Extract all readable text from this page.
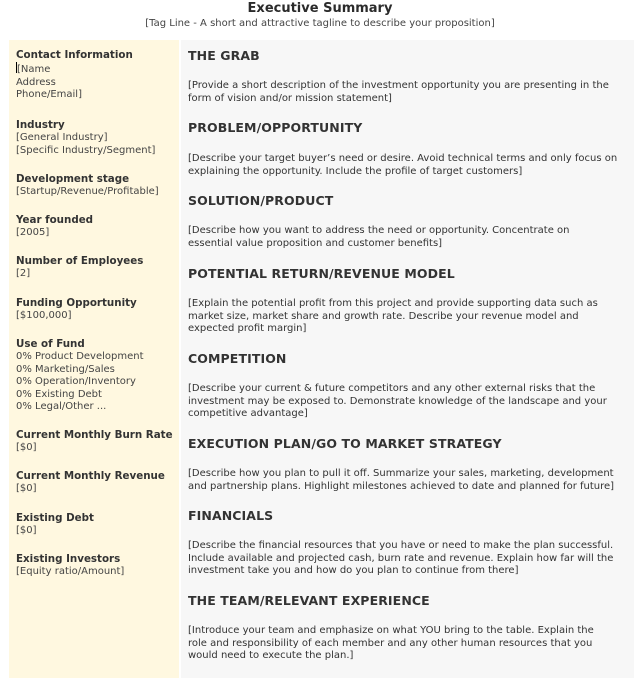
Executive Summary
[Tag Line - A short and attractive tagline to describe your proposition]
Contact Information
[Name
Address
Phone/Email]
Industry
[General Industry]
[Specific Industry/Segment]
Development stage
[Startup/Revenue/Profitable]
Year founded
[2005]
Number of Employees
[2]
Funding Opportunity
[$100,000]
Use of Fund
0% Product Development
0% Marketing/Sales
0% Operation/Inventory
0% Existing Debt
0% Legal/Other ...
Current Monthly Burn Rate
[$0]
Current Monthly Revenue
[$0]
Existing Debt
[$0]
Existing Investors
[Equity ratio/Amount]
THE GRAB
[Provide a short description of the investment opportunity you are presenting in the
form of vision and/or mission statement]
PROBLEM/OPPORTUNITY
[Describe your target buyer’s need or desire. Avoid technical terms and only focus on
explaining the opportunity. Include the profile of target customers]
SOLUTION/PRODUCT
[Describe how you want to address the need or opportunity. Concentrate on
essential value proposition and customer benefits]
POTENTIAL RETURN/REVENUE MODEL
[Explain the potential profit from this project and provide supporting data such as
market size, market share and growth rate. Describe your revenue model and
expected profit margin]
COMPETITION
[Describe your current & future competitors and any other external risks that the
investment may be exposed to. Demonstrate knowledge of the landscape and your
competitive advantage]
EXECUTION PLAN/GO TO MARKET STRATEGY
[Describe how you plan to pull it off. Summarize your sales, marketing, development
and partnership plans. Highlight milestones achieved to date and planned for future]
FINANCIALS
[Describe the financial resources that you have or need to make the plan successful.
Include available and projected cash, burn rate and revenue. Explain how far will the
investment take you and how do you plan to continue from there]
THE TEAM/RELEVANT EXPERIENCE
[Introduce your team and emphasize on what YOU bring to the table. Explain the
role and responsibility of each member and any other human resources that you
would need to execute the plan.]
